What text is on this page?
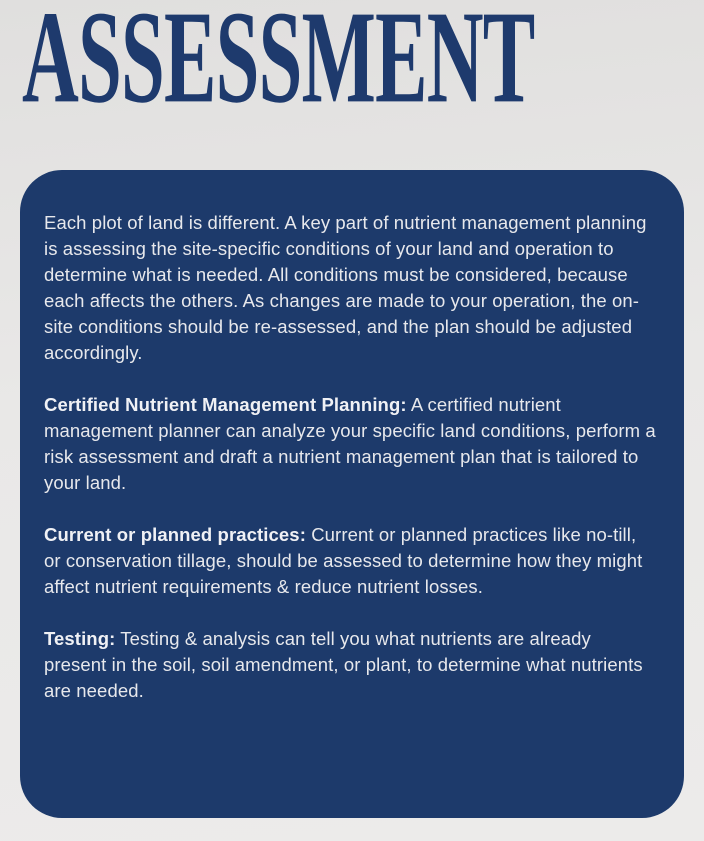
ASSESSMENT

Each plot of land is different. A key part of nutrient management planning is assessing the site-specific conditions of your land and operation to determine what is needed. All conditions must be considered, because each affects the others. As changes are made to your operation, the on-site conditions should be re-assessed, and the plan should be adjusted accordingly.

Certified Nutrient Management Planning: A certified nutrient management planner can analyze your specific land conditions, perform a risk assessment and draft a nutrient management plan that is tailored to your land.

Current or planned practices: Current or planned practices like no-till, or conservation tillage, should be assessed to determine how they might affect nutrient requirements & reduce nutrient losses.

Testing: Testing & analysis can tell you what nutrients are already present in the soil, soil amendment, or plant, to determine what nutrients are needed.
